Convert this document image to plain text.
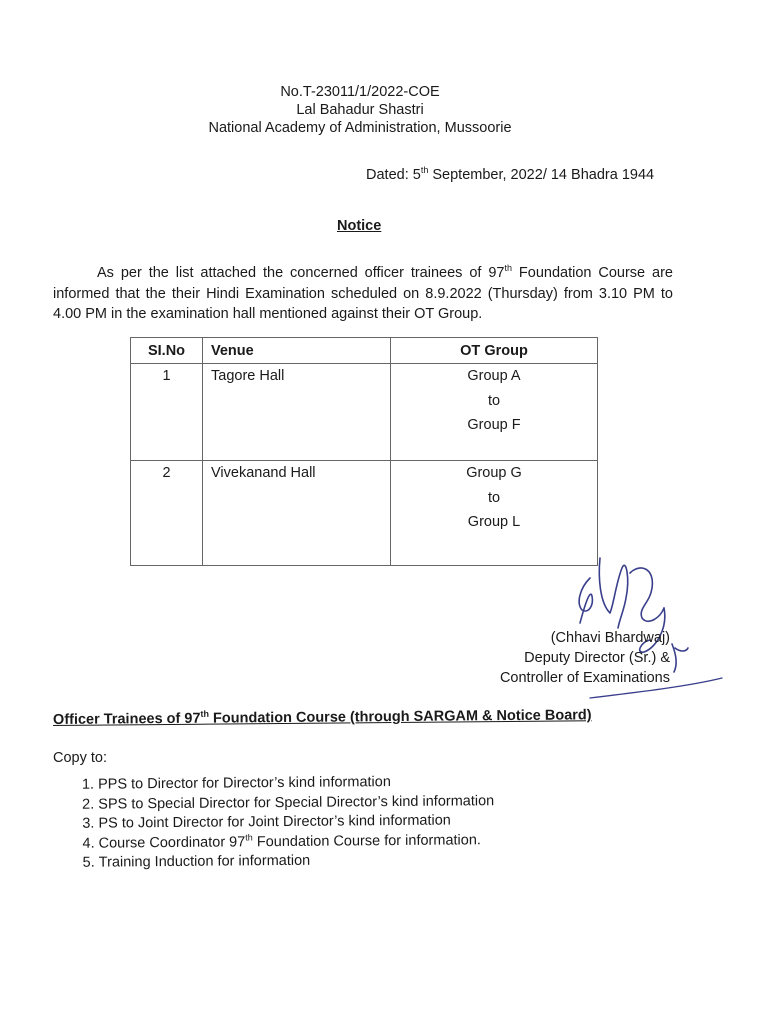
No.T-23011/1/2022-COE
Lal Bahadur Shastri
National Academy of Administration, Mussoorie
Dated: 5th September, 2022/ 14 Bhadra 1944
Notice
As per the list attached the concerned officer trainees of 97th Foundation Course are informed that the their Hindi Examination scheduled on 8.9.2022 (Thursday) from 3.10 PM to 4.00 PM in the examination hall mentioned against their OT Group.
SI.No	Venue	OT Group

1	Tagore Hall	Group A
to
Group F

2	Vivekanand Hall	Group G
to
Group L
(Chhavi Bhardwaj)
Deputy Director (Sr.) &
Controller of Examinations
Officer Trainees of 97th Foundation Course (through SARGAM & Notice Board)
Copy to:
1. PPS to Director for Director’s kind information
2. SPS to Special Director for Special Director’s kind information
3. PS to Joint Director for Joint Director’s kind information
4. Course Coordinator 97th Foundation Course for information.
5. Training Induction for information
